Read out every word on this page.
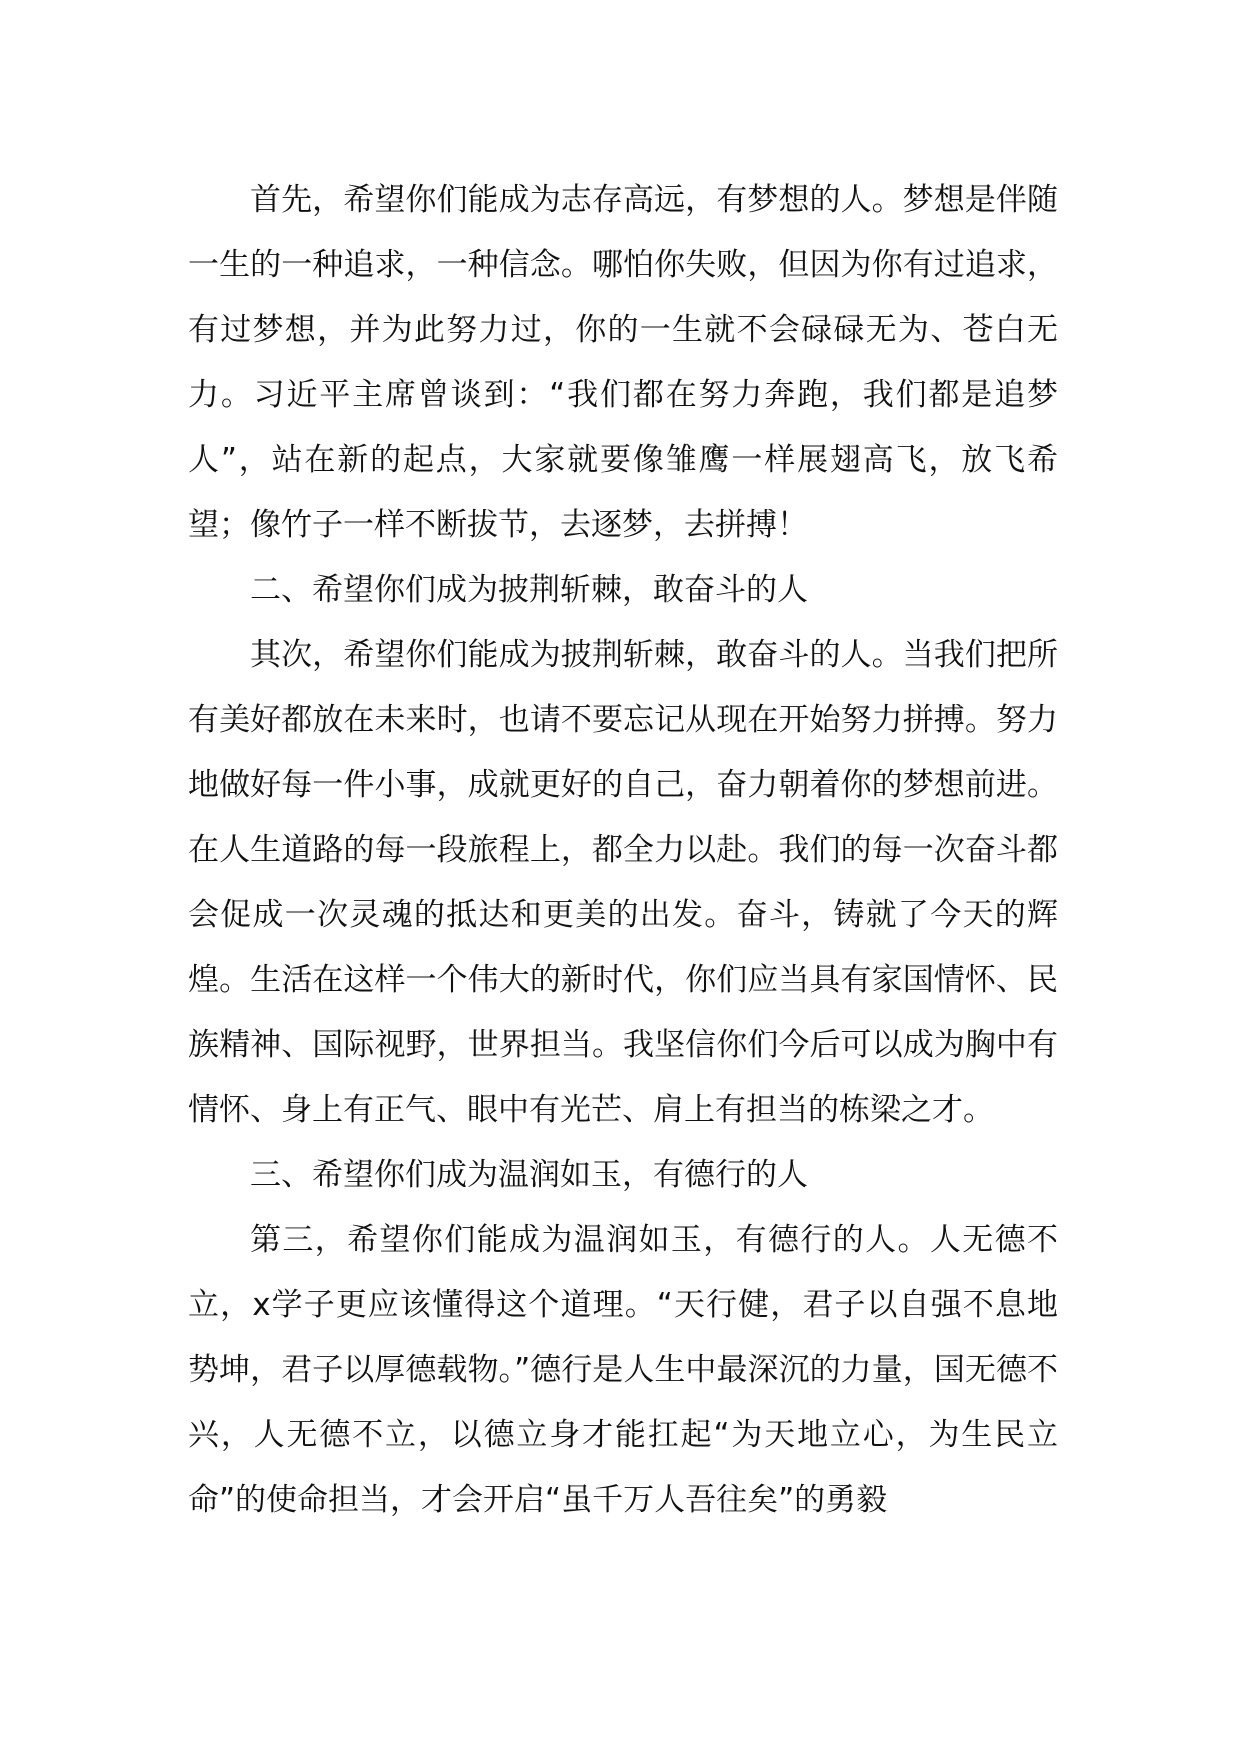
首先，希望你们能成为志存高远，有梦想的人。梦想是伴随一生的一种追求，一种信念。哪怕你失败，但因为你有过追求，有过梦想，并为此努力过，你的一生就不会碌碌无为、苍白无力。习近平主席曾谈到：“我们都在努力奔跑，我们都是追梦人”，站在新的起点，大家就要像雏鹰一样展翅高飞，放飞希望；像竹子一样不断拔节，去逐梦，去拼搏！

二、希望你们成为披荆斩棘，敢奋斗的人

其次，希望你们能成为披荆斩棘，敢奋斗的人。当我们把所有美好都放在未来时，也请不要忘记从现在开始努力拼搏。努力地做好每一件小事，成就更好的自己，奋力朝着你的梦想前进。在人生道路的每一段旅程上，都全力以赴。我们的每一次奋斗都会促成一次灵魂的抵达和更美的出发。奋斗，铸就了今天的辉煌。生活在这样一个伟大的新时代，你们应当具有家国情怀、民族精神、国际视野，世界担当。我坚信你们今后可以成为胸中有情怀、身上有正气、眼中有光芒、肩上有担当的栋梁之才。

三、希望你们成为温润如玉，有德行的人

第三，希望你们能成为温润如玉，有德行的人。人无德不立，x学子更应该懂得这个道理。“天行健，君子以自强不息地势坤，君子以厚德载物。”德行是人生中最深沉的力量，国无德不兴，人无德不立，以德立身才能扛起“为天地立心，为生民立命”的使命担当，才会开启“虽千万人吾往矣”的勇毅
